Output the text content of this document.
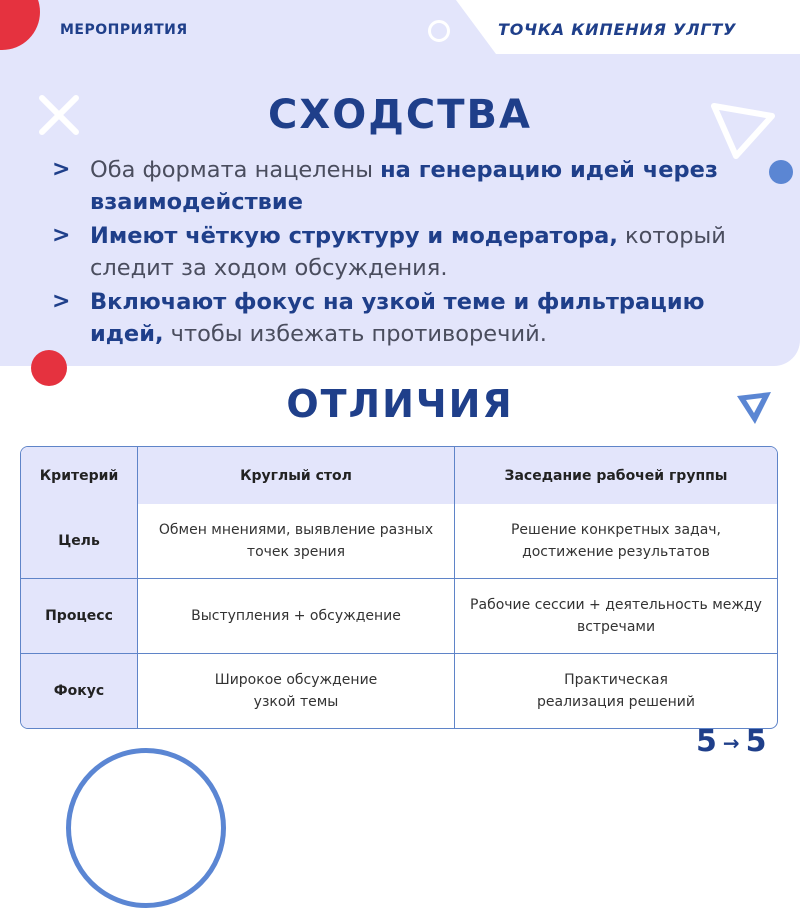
МЕРОПРИЯТИЯ	ТОЧКА КИПЕНИЯ УЛГТУ
СХОДСТВА
> Оба формата нацелены на генерацию идей через взаимодействие
> Имеют чёткую структуру и модератора, который следит за ходом обсуждения.
> Включают фокус на узкой теме и фильтрацию идей, чтобы избежать противоречий.
ОТЛИЧИЯ
Критерий	Круглый стол	Заседание рабочей группы
Цель	Обмен мнениями, выявление разных точек зрения	Решение конкретных задач, достижение результатов

Процесс	Выступления + обсуждение	Рабочие сессии + деятельность между встречами

Фокус	Широкое обсуждение узкой темы	Практическая реализация решений
5 → 5
